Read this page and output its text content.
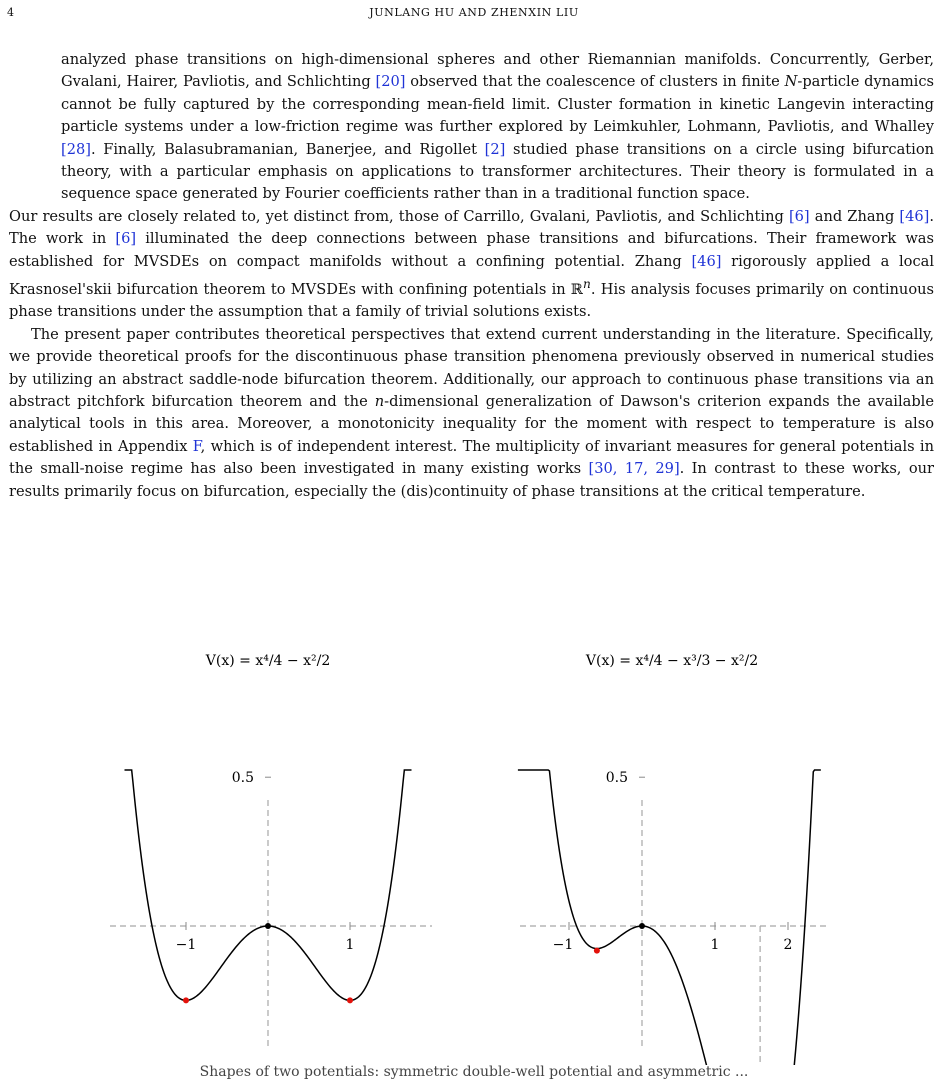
4	JUNLANG HU AND ZHENXIN LIU

analyzed phase transitions on high-dimensional spheres and other Riemannian manifolds. Concurrently, Gerber, Gvalani, Hairer, Pavliotis, and Schlichting [20] observed that the coalescence of clusters in finite N-particle dynamics cannot be fully captured by the corresponding mean-field limit. Cluster formation in kinetic Langevin interacting particle systems under a low-friction regime was further explored by Leimkuhler, Lohmann, Pavliotis, and Whalley [28]. Finally, Balasubramanian, Banerjee, and Rigollet [2] studied phase transitions on a circle using bifurcation theory, with a particular emphasis on applications to transformer architectures. Their theory is formulated in a sequence space generated by Fourier coefficients rather than in a traditional function space.

Our results are closely related to, yet distinct from, those of Carrillo, Gvalani, Pavliotis, and Schlichting [6] and Zhang [46]. The work in [6] illuminated the deep connections between phase transitions and bifurcations. Their framework was established for MVSDEs on compact manifolds without a confining potential. Zhang [46] rigorously applied a local Krasnosel'skii bifurcation theorem to MVSDEs with confining potentials in ℝ$^n$. His analysis focuses primarily on continuous phase transitions under the assumption that a family of trivial solutions exists.

The present paper contributes theoretical perspectives that extend current understanding in the literature. Specifically, we provide theoretical proofs for the discontinuous phase transition phenomena previously observed in numerical studies by utilizing an abstract saddle-node bifurcation theorem. Additionally, our approach to continuous phase transitions via an abstract pitchfork bifurcation theorem and the n-dimensional generalization of Dawson's criterion expands the available analytical tools in this area. Moreover, a monotonicity inequality for the moment with respect to temperature is also established in Appendix F, which is of independent interest. The multiplicity of invariant measures for general potentials in the small-noise regime has also been investigated in many existing works [30, 17, 29]. In contrast to these works, our results primarily focus on bifurcation, especially the (dis)continuity of phase transitions at the critical temperature.

V(x) = x⁴/4 − x²/2
0.5
−1	1
V(x) = x⁴/4 − x³/3 − x²/2
0.5
−1	1	2
Shapes of two potentials: symmetric double-well potential and asymmetric ...
